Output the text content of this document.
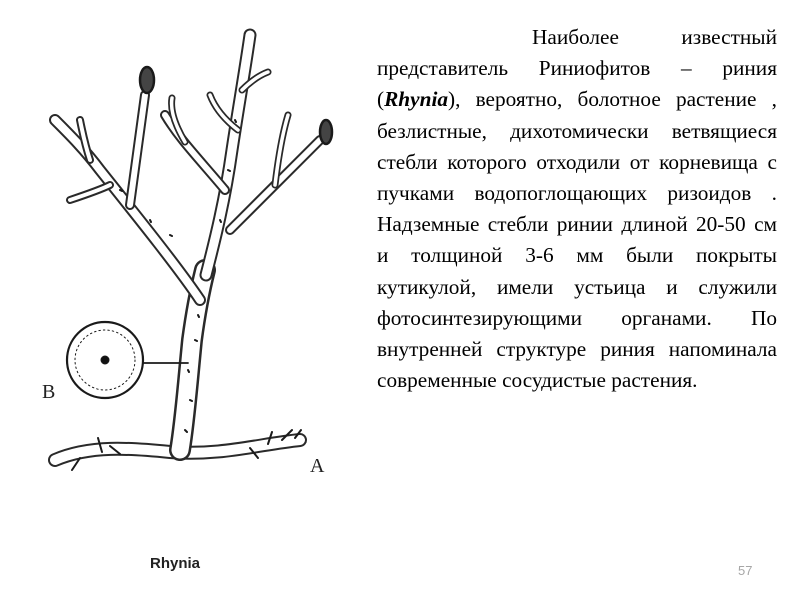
B
A

Наиболее известный представитель Риниофитов – риния (Rhynia), вероятно, болотное растение , безлистные, дихотомически ветвящиеся стебли которого отходили от корневища с пучками водопоглощающих ризоидов . Надземные стебли ринии длиной 20-50 см и толщиной 3-6 мм были покрыты кутикулой, имели устьица и служили фотосинтезирующими органами. По внутренней структуре риния напоминала современные сосудистые растения.

Rhynia	57
